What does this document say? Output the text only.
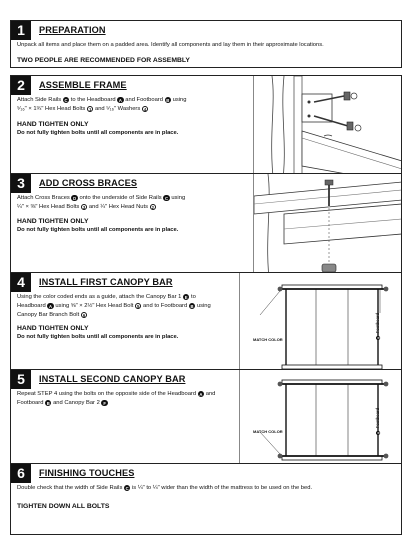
1	PREPARATION
Unpack all items and place them on a padded area. Identify all components and lay them in their approximate locations.
TWO PEOPLE ARE RECOMMENDED FOR ASSEMBLY
2	ASSEMBLE FRAME
Attach Side Rails C to the Headboard A and Footboard B using
⁵⁄₁₆" × 1¾" Hex Head Bolts 1 and ⁵⁄₁₆" Washers 4
HAND TIGHTEN ONLY
Do not fully tighten bolts until all components are in place.
3	ADD CROSS BRACES
Attach Cross Braces D onto the underside of Side Rails C using
¼" × ⅜" Hex Head Bolts 3 and ¼" Hex Head Nuts 2
HAND TIGHTEN ONLY
Do not fully tighten bolts until all components are in place.
4	INSTALL FIRST CANOPY BAR
Using the color coded ends as a guide, attach the Canopy Bar 1 E to
Headboard A using ⅝" × 2½" Hex Head Bolt 5 and to Footboard B using
Canopy Bar Branch Bolt 6
HAND TIGHTEN ONLY
Do not fully tighten bolts until all components are in place.	MATCH COLOR	B Footboard
5	INSTALL SECOND CANOPY BAR
Repeat STEP 4 using the bolts on the opposite side of the Headboard A and
Footboard B and Canopy Bar 2 F
MATCH COLOR	B Footboard
6	FINISHING TOUCHES
Double check that the width of Side Rails C is ¼" to ¼" wider than the width of the mattress to be used on the bed.
TIGHTEN DOWN ALL BOLTS
